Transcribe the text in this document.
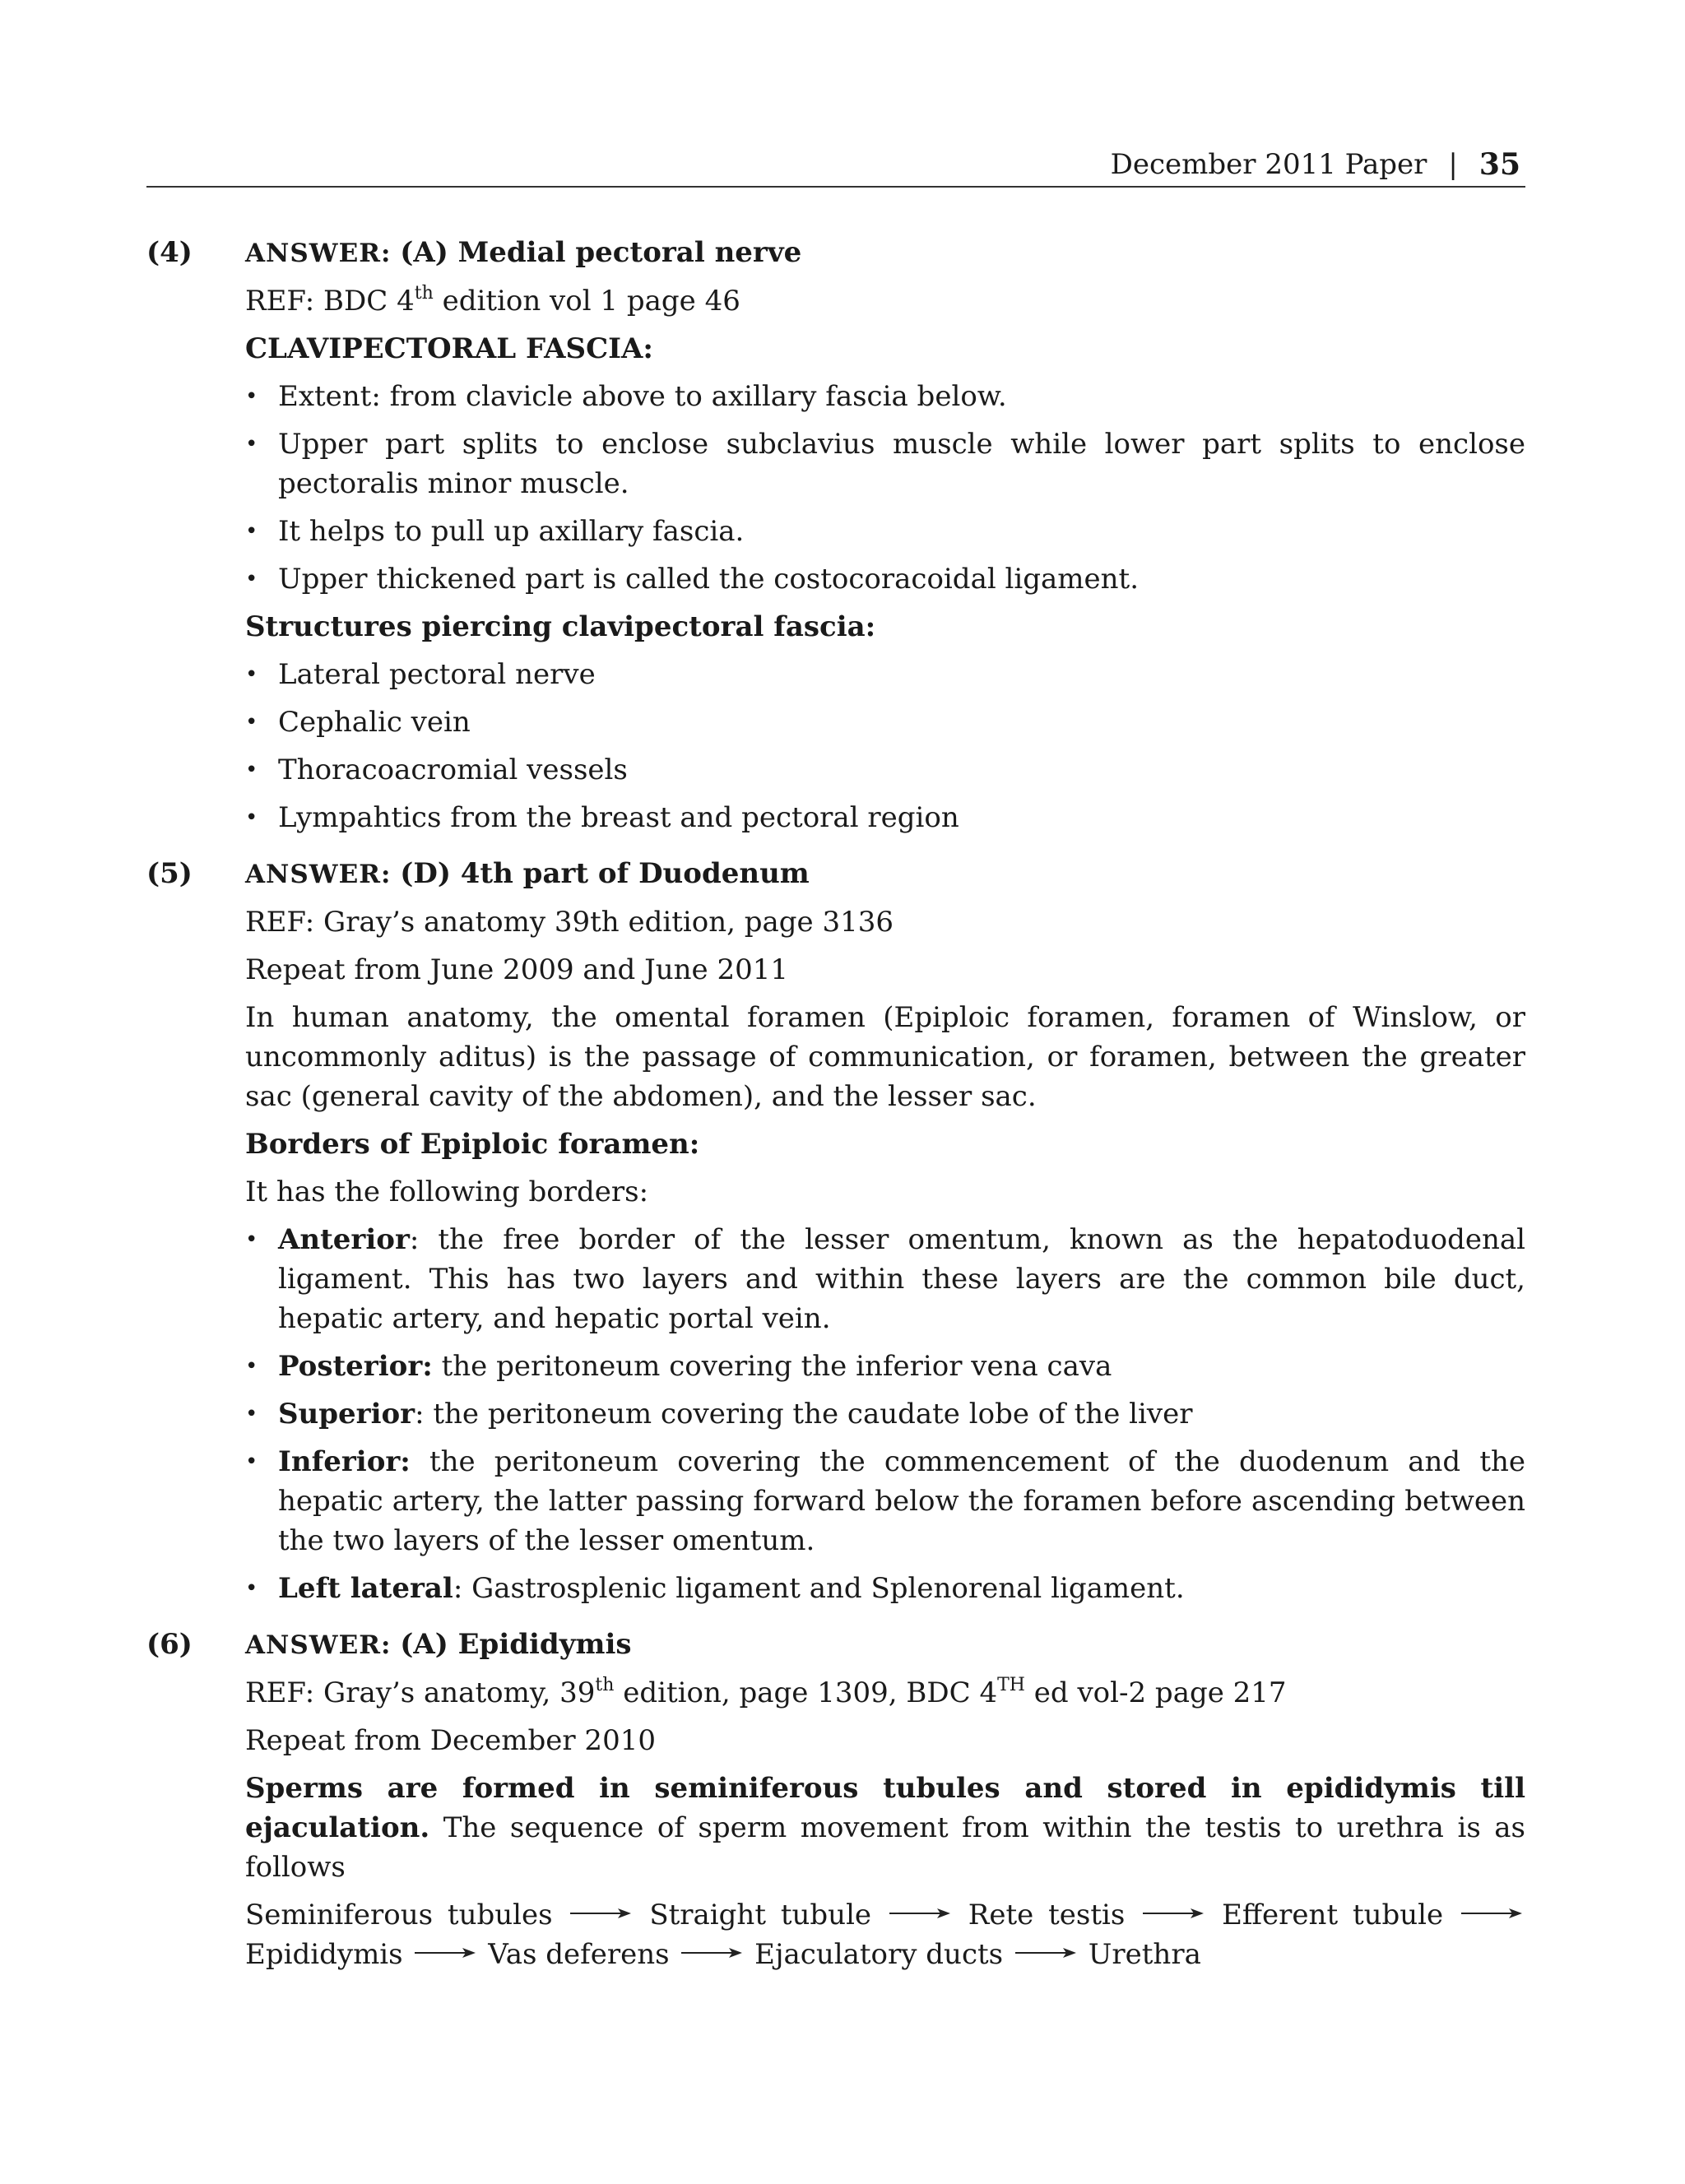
December 2011 Paper | 35
(4) ANSWER: (A) Medial pectoral nerve

REF: BDC 4th edition vol 1 page 46

CLAVIPECTORAL FASCIA:

• Extent: from clavicle above to axillary fascia below.
• Upper part splits to enclose subclavius muscle while lower part splits to enclose pectoralis minor muscle.
• It helps to pull up axillary fascia.
• Upper thickened part is called the costocoracoidal ligament.

Structures piercing clavipectoral fascia:

• Lateral pectoral nerve
• Cephalic vein
• Thoracoacromial vessels
• Lympahtics from the breast and pectoral region
(5) ANSWER: (D) 4th part of Duodenum

REF: Gray’s anatomy 39th edition, page 3136

Repeat from June 2009 and June 2011

In human anatomy, the omental foramen (Epiploic foramen, foramen of Winslow, or uncommonly aditus) is the passage of communication, or foramen, between the greater sac (general cavity of the abdomen), and the lesser sac.

Borders of Epiploic foramen:

It has the following borders:

• Anterior: the free border of the lesser omentum, known as the hepatoduodenal ligament. This has two layers and within these layers are the common bile duct, hepatic artery, and hepatic portal vein.
• Posterior: the peritoneum covering the inferior vena cava
• Superior: the peritoneum covering the caudate lobe of the liver
• Inferior: the peritoneum covering the commencement of the duodenum and the hepatic artery, the latter passing forward below the foramen before ascending between the two layers of the lesser omentum.
• Left lateral: Gastrosplenic ligament and Splenorenal ligament.
(6) ANSWER: (A) Epididymis

REF: Gray’s anatomy, 39th edition, page 1309, BDC 4TH ed vol-2 page 217

Repeat from December 2010

Sperms are formed in seminiferous tubules and stored in epididymis till ejaculation. The sequence of sperm movement from within the testis to urethra is as follows

Seminiferous tubules	Straight tubule	Rete testis	Efferent tubule
Epididymis	Vas deferens	Ejaculatory ducts	Urethra
